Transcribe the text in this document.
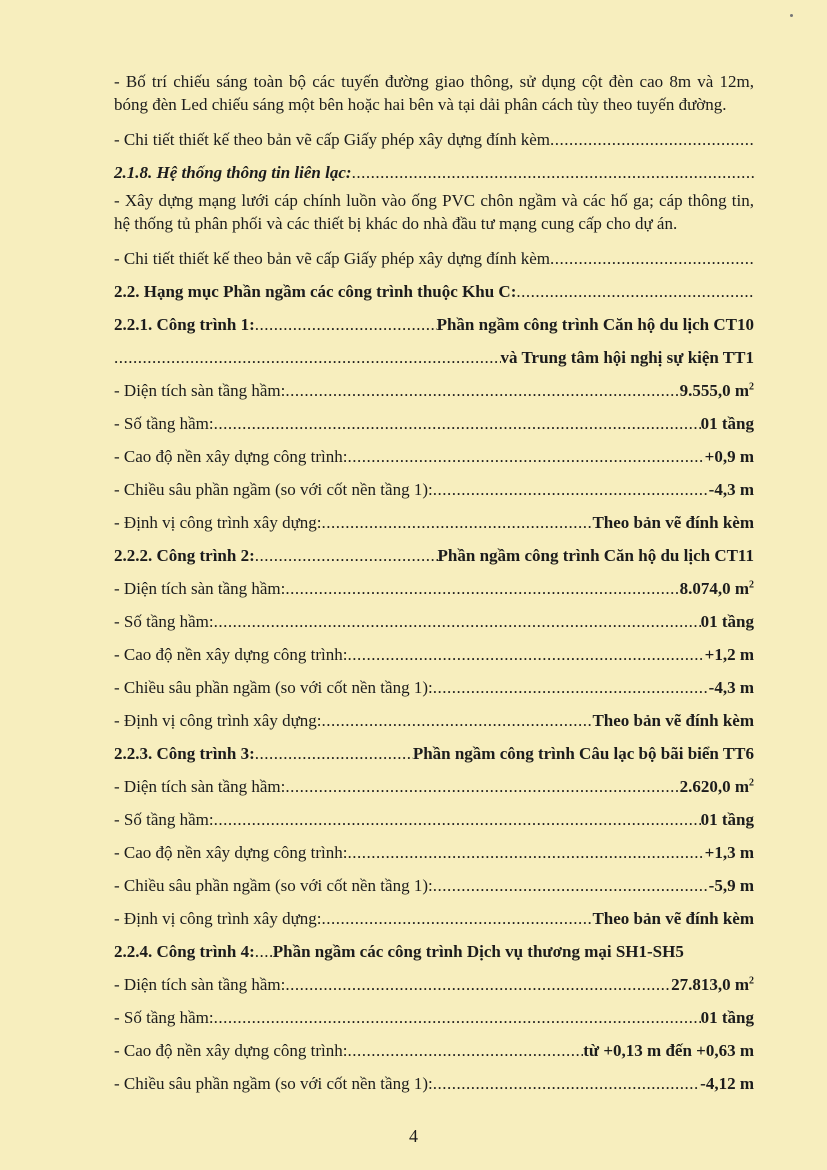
- Bố trí chiếu sáng toàn bộ các tuyến đường giao thông, sử dụng cột đèn cao 8m và 12m, bóng đèn Led chiếu sáng một bên hoặc hai bên và tại dải phân cách tùy theo tuyến đường.

- Chi tiết thiết kế theo bản vẽ cấp Giấy phép xây dựng đính kèm
.....
2.1.8. Hệ thống thông tin liên lạc:
.....

- Xây dựng mạng lưới cáp chính luồn vào ống PVC chôn ngầm và các hố ga; cáp thông tin, hệ thống tủ phân phối và các thiết bị khác do nhà đầu tư mạng cung cấp cho dự án.

- Chi tiết thiết kế theo bản vẽ cấp Giấy phép xây dựng đính kèm
.....
2.2. Hạng mục Phần ngầm các công trình thuộc Khu C:
.....
2.2.1. Công trình 1: .....	Phần ngầm công trình Căn hộ du lịch CT10
.....
và Trung tâm hội nghị sự kiện TT1
- Diện tích sàn tầng hầm: .....	9.555,0 $m^2$
- Số tầng hầm: .....	01 tầng
- Cao độ nền xây dựng công trình: .....	+0,9 m
- Chiều sâu phần ngầm (so với cốt nền tầng 1): .....	-4,3 m
- Định vị công trình xây dựng: .....	Theo bản vẽ đính kèm
2.2.2. Công trình 2: .....	Phần ngầm công trình Căn hộ du lịch CT11
- Diện tích sàn tầng hầm: .....	8.074,0 $m^2$
- Số tầng hầm: .....	01 tầng
- Cao độ nền xây dựng công trình: .....	+1,2 m
- Chiều sâu phần ngầm (so với cốt nền tầng 1): .....	-4,3 m
- Định vị công trình xây dựng: .....	Theo bản vẽ đính kèm
2.2.3. Công trình 3: .....	Phần ngầm công trình Câu lạc bộ bãi biển TT6
- Diện tích sàn tầng hầm: .....	2.620,0 $m^2$
- Số tầng hầm: .....	01 tầng
- Cao độ nền xây dựng công trình: .....	+1,3 m
- Chiều sâu phần ngầm (so với cốt nền tầng 1): .....	-5,9 m
- Định vị công trình xây dựng: .....	Theo bản vẽ đính kèm
2.2.4. Công trình 4: ..... Phần ngầm các công trình Dịch vụ thương mại SH1-SH5
- Diện tích sàn tầng hầm: .....	27.813,0 $m^2$
- Số tầng hầm: .....	01 tầng
- Cao độ nền xây dựng công trình: .....	từ +0,13 m đến +0,63 m
- Chiều sâu phần ngầm (so với cốt nền tầng 1): .....	-4,12 m
4
